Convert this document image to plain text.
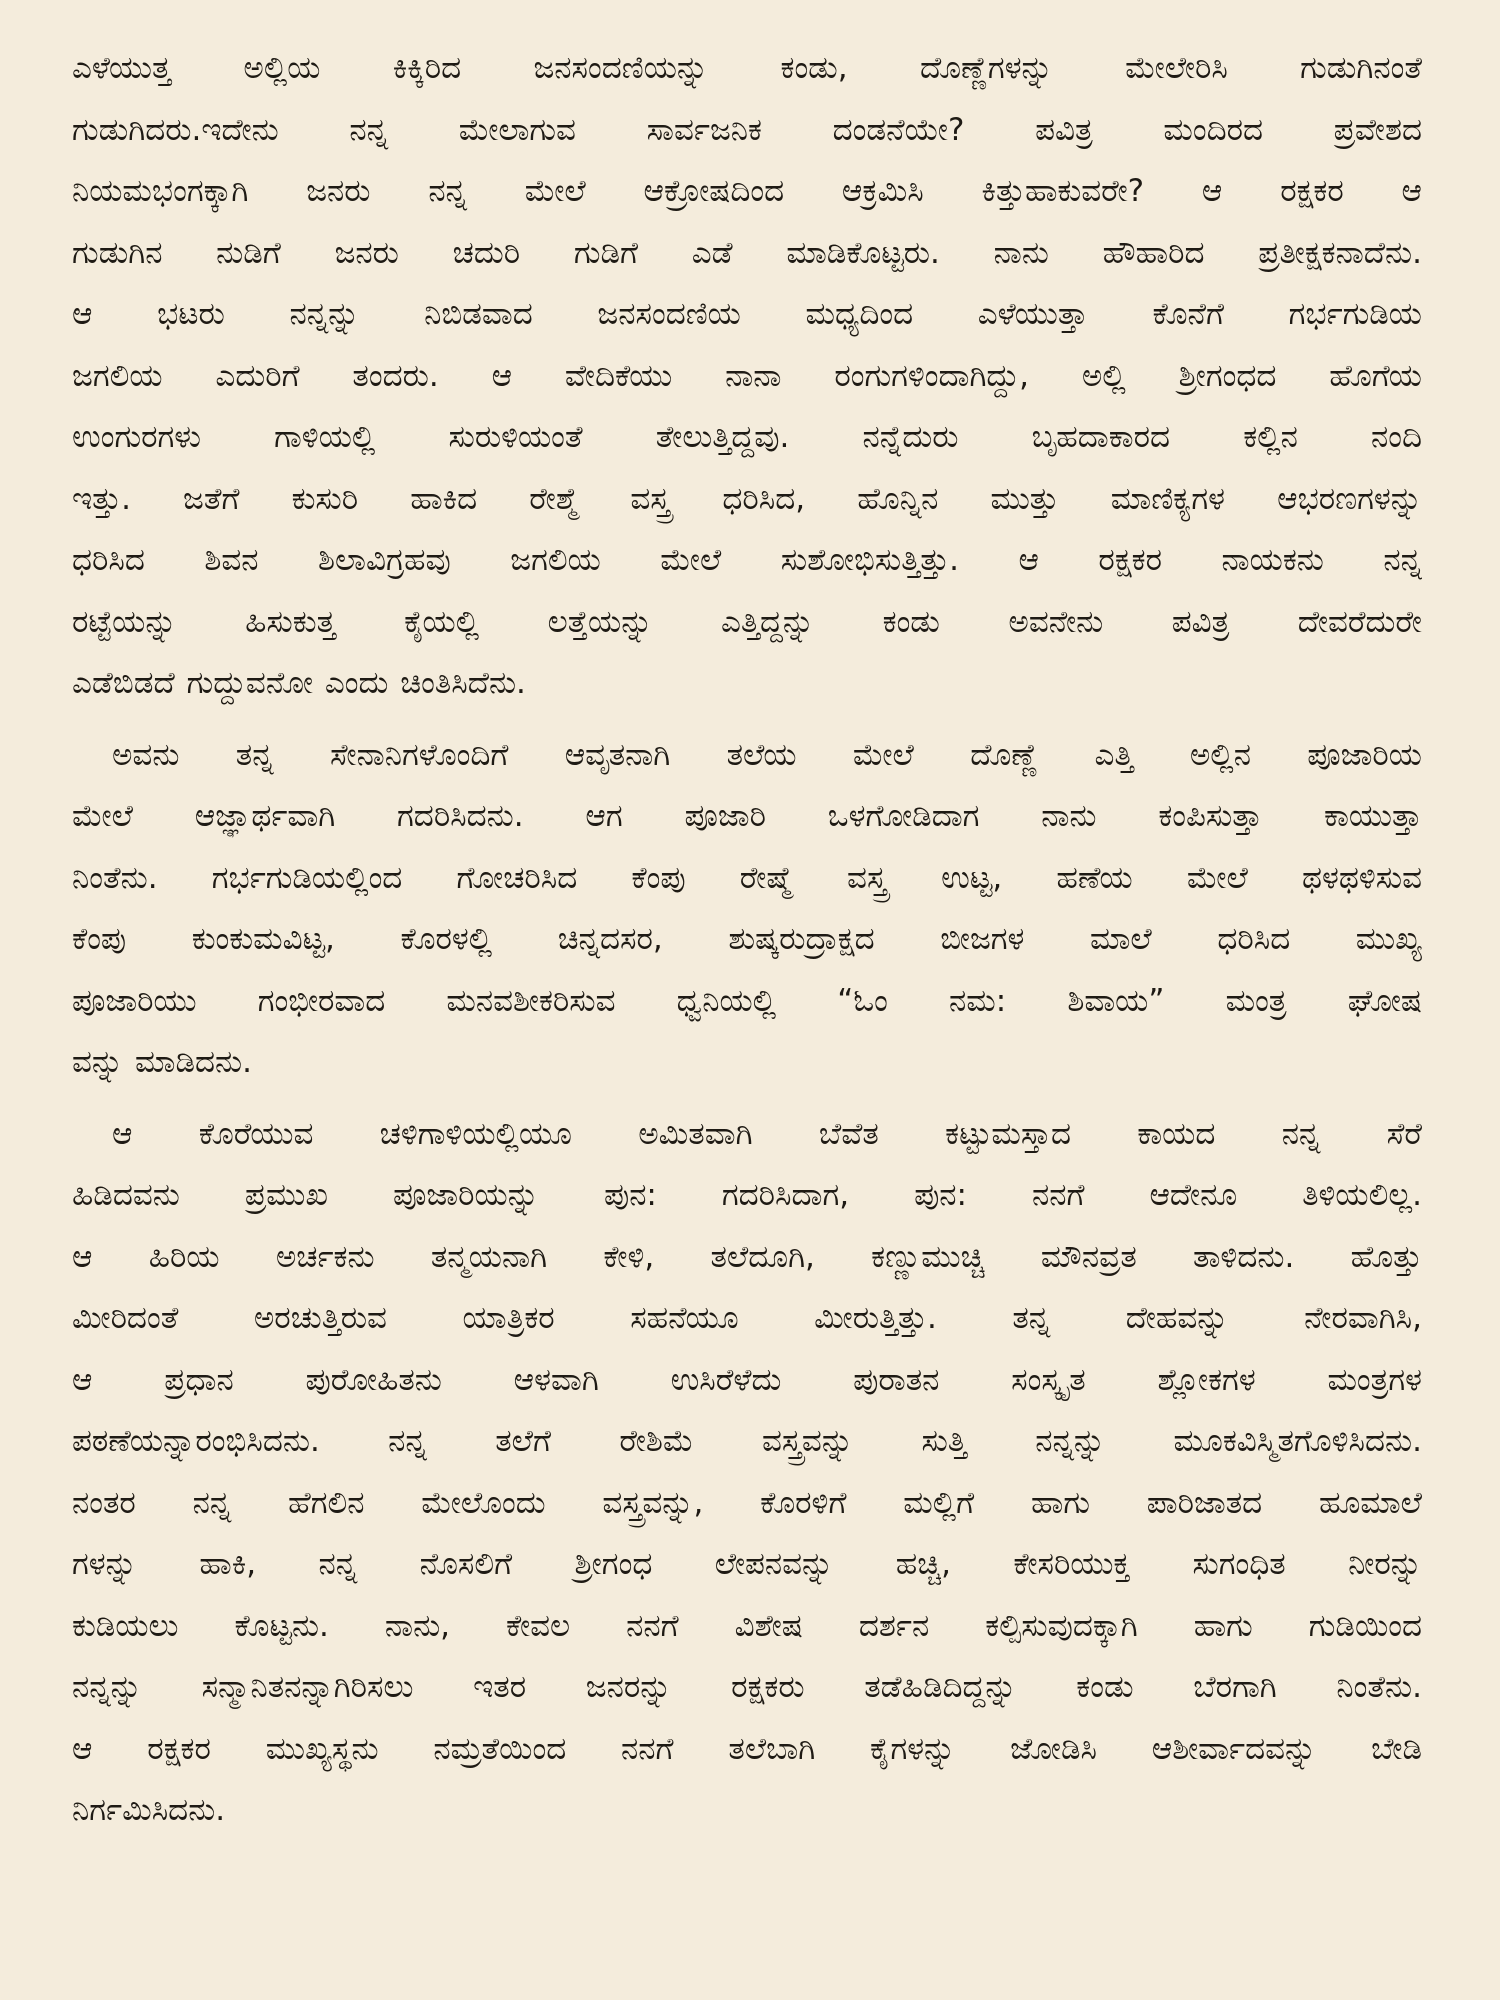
ಎಳೆಯುತ್ತ ಅಲ್ಲಿಯ ಕಿಕ್ಕಿರಿದ ಜನಸಂದಣಿಯನ್ನು ಕಂಡು, ದೊಣ್ಣೆಗಳನ್ನು ಮೇಲೇರಿಸಿ ಗುಡುಗಿನಂತೆ
ಗುಡುಗಿದರು.ಇದೇನು ನನ್ನ ಮೇಲಾಗುವ ಸಾರ್ವಜನಿಕ ದಂಡನೆಯೇ? ಪವಿತ್ರ ಮಂದಿರದ ಪ್ರವೇಶದ
ನಿಯಮಭಂಗಕ್ಕಾಗಿ ಜನರು ನನ್ನ ಮೇಲೆ ಆಕ್ರೋಷದಿಂದ ಆಕ್ರಮಿಸಿ ಕಿತ್ತುಹಾಕುವರೇ? ಆ ರಕ್ಷಕರ ಆ
ಗುಡುಗಿನ ನುಡಿಗೆ ಜನರು ಚದುರಿ ಗುಡಿಗೆ ಎಡೆ ಮಾಡಿಕೊಟ್ಟರು. ನಾನು ಹೌಹಾರಿದ ಪ್ರತೀಕ್ಷಕನಾದೆನು.
ಆ ಭಟರು ನನ್ನನ್ನು ನಿಬಿಡವಾದ ಜನಸಂದಣಿಯ ಮಧ್ಯದಿಂದ ಎಳೆಯುತ್ತಾ ಕೊನೆಗೆ ಗರ್ಭಗುಡಿಯ
ಜಗಲಿಯ ಎದುರಿಗೆ ತಂದರು. ಆ ವೇದಿಕೆಯು ನಾನಾ ರಂಗುಗಳಿಂದಾಗಿದ್ದು, ಅಲ್ಲಿ ಶ್ರೀಗಂಧದ ಹೊಗೆಯ
ಉಂಗುರಗಳು ಗಾಳಿಯಲ್ಲಿ ಸುರುಳಿಯಂತೆ ತೇಲುತ್ತಿದ್ದವು. ನನ್ನೆದುರು ಬೃಹದಾಕಾರದ ಕಲ್ಲಿನ ನಂದಿ
ಇತ್ತು. ಜತೆಗೆ ಕುಸುರಿ ಹಾಕಿದ ರೇಶ್ಮೆ ವಸ್ತ್ರ ಧರಿಸಿದ, ಹೊನ್ನಿನ ಮುತ್ತು ಮಾಣಿಕ್ಯಗಳ ಆಭರಣಗಳನ್ನು
ಧರಿಸಿದ ಶಿವನ ಶಿಲಾವಿಗ್ರಹವು ಜಗಲಿಯ ಮೇಲೆ ಸುಶೋಭಿಸುತ್ತಿತ್ತು. ಆ ರಕ್ಷಕರ ನಾಯಕನು ನನ್ನ
ರಟ್ಟೆಯನ್ನು ಹಿಸುಕುತ್ತ ಕೈಯಲ್ಲಿ ಲತ್ತೆಯನ್ನು ಎತ್ತಿದ್ದನ್ನು ಕಂಡು ಅವನೇನು ಪವಿತ್ರ ದೇವರೆದುರೇ
ಎಡೆಬಿಡದೆ ಗುದ್ದುವನೋ ಎಂದು ಚಿಂತಿಸಿದೆನು.
ಅವನು ತನ್ನ ಸೇನಾನಿಗಳೊಂದಿಗೆ ಆವೃತನಾಗಿ ತಲೆಯ ಮೇಲೆ ದೊಣ್ಣೆ ಎತ್ತಿ ಅಲ್ಲಿನ ಪೂಜಾರಿಯ
ಮೇಲೆ ಆಜ್ಞಾರ್ಥವಾಗಿ ಗದರಿಸಿದನು. ಆಗ ಪೂಜಾರಿ ಒಳಗೋಡಿದಾಗ ನಾನು ಕಂಪಿಸುತ್ತಾ ಕಾಯುತ್ತಾ
ನಿಂತೆನು. ಗರ್ಭಗುಡಿಯಲ್ಲಿಂದ ಗೋಚರಿಸಿದ ಕೆಂಪು ರೇಷ್ಮೆ ವಸ್ತ್ರ ಉಟ್ಟ, ಹಣೆಯ ಮೇಲೆ ಥಳಥಳಿಸುವ
ಕೆಂಪು ಕುಂಕುಮವಿಟ್ಟ, ಕೊರಳಲ್ಲಿ ಚಿನ್ನದಸರ, ಶುಷ್ಕರುದ್ರಾಕ್ಷದ ಬೀಜಗಳ ಮಾಲೆ ಧರಿಸಿದ ಮುಖ್ಯ
ಪೂಜಾರಿಯು ಗಂಭೀರವಾದ ಮನವಶೀಕರಿಸುವ ಧ್ವನಿಯಲ್ಲಿ “ಓಂ ನಮ: ಶಿವಾಯ” ಮಂತ್ರ ಘೋಷ
ವನ್ನು ಮಾಡಿದನು.
ಆ ಕೊರೆಯುವ ಚಳಿಗಾಳಿಯಲ್ಲಿಯೂ ಅಮಿತವಾಗಿ ಬೆವೆತ ಕಟ್ಟುಮಸ್ತಾದ ಕಾಯದ ನನ್ನ ಸೆರೆ
ಹಿಡಿದವನು ಪ್ರಮುಖ ಪೂಜಾರಿಯನ್ನು ಪುನ: ಗದರಿಸಿದಾಗ, ಪುನ: ನನಗೆ ಆದೇನೂ ತಿಳಿಯಲಿಲ್ಲ.
ಆ ಹಿರಿಯ ಅರ್ಚಕನು ತನ್ಮಯನಾಗಿ ಕೇಳಿ, ತಲೆದೂಗಿ, ಕಣ್ಣುಮುಚ್ಚಿ ಮೌನವ್ರತ ತಾಳಿದನು. ಹೊತ್ತು
ಮೀರಿದಂತೆ ಅರಚುತ್ತಿರುವ ಯಾತ್ರಿಕರ ಸಹನೆಯೂ ಮೀರುತ್ತಿತ್ತು. ತನ್ನ ದೇಹವನ್ನು ನೇರವಾಗಿಸಿ,
ಆ ಪ್ರಧಾನ ಪುರೋಹಿತನು ಆಳವಾಗಿ ಉಸಿರೆಳೆದು ಪುರಾತನ ಸಂಸ್ಕೃತ ಶ್ಲೋಕಗಳ ಮಂತ್ರಗಳ
ಪಠಣೆಯನ್ನಾರಂಭಿಸಿದನು. ನನ್ನ ತಲೆಗೆ ರೇಶಿಮೆ ವಸ್ತ್ರವನ್ನು ಸುತ್ತಿ ನನ್ನನ್ನು ಮೂಕವಿಸ್ಮಿತಗೊಳಿಸಿದನು.
ನಂತರ ನನ್ನ ಹೆಗಲಿನ ಮೇಲೊಂದು ವಸ್ತ್ರವನ್ನು, ಕೊರಳಿಗೆ ಮಲ್ಲಿಗೆ ಹಾಗು ಪಾರಿಜಾತದ ಹೂಮಾಲೆ
ಗಳನ್ನು ಹಾಕಿ, ನನ್ನ ನೊಸಲಿಗೆ ಶ್ರೀಗಂಧ ಲೇಪನವನ್ನು ಹಚ್ಚಿ, ಕೇಸರಿಯುಕ್ತ ಸುಗಂಧಿತ ನೀರನ್ನು
ಕುಡಿಯಲು ಕೊಟ್ಟನು. ನಾನು, ಕೇವಲ ನನಗೆ ವಿಶೇಷ ದರ್ಶನ ಕಲ್ಪಿಸುವುದಕ್ಕಾಗಿ ಹಾಗು ಗುಡಿಯಿಂದ
ನನ್ನನ್ನು ಸನ್ಮಾನಿತನನ್ನಾಗಿರಿಸಲು ಇತರ ಜನರನ್ನು ರಕ್ಷಕರು ತಡೆಹಿಡಿದಿದ್ದನ್ನು ಕಂಡು ಬೆರಗಾಗಿ ನಿಂತೆನು.
ಆ ರಕ್ಷಕರ ಮುಖ್ಯಸ್ಥನು ನಮ್ರತೆಯಿಂದ ನನಗೆ ತಲೆಬಾಗಿ ಕೈಗಳನ್ನು ಜೋಡಿಸಿ ಆಶೀರ್ವಾದವನ್ನು ಬೇಡಿ
ನಿರ್ಗಮಿಸಿದನು.
